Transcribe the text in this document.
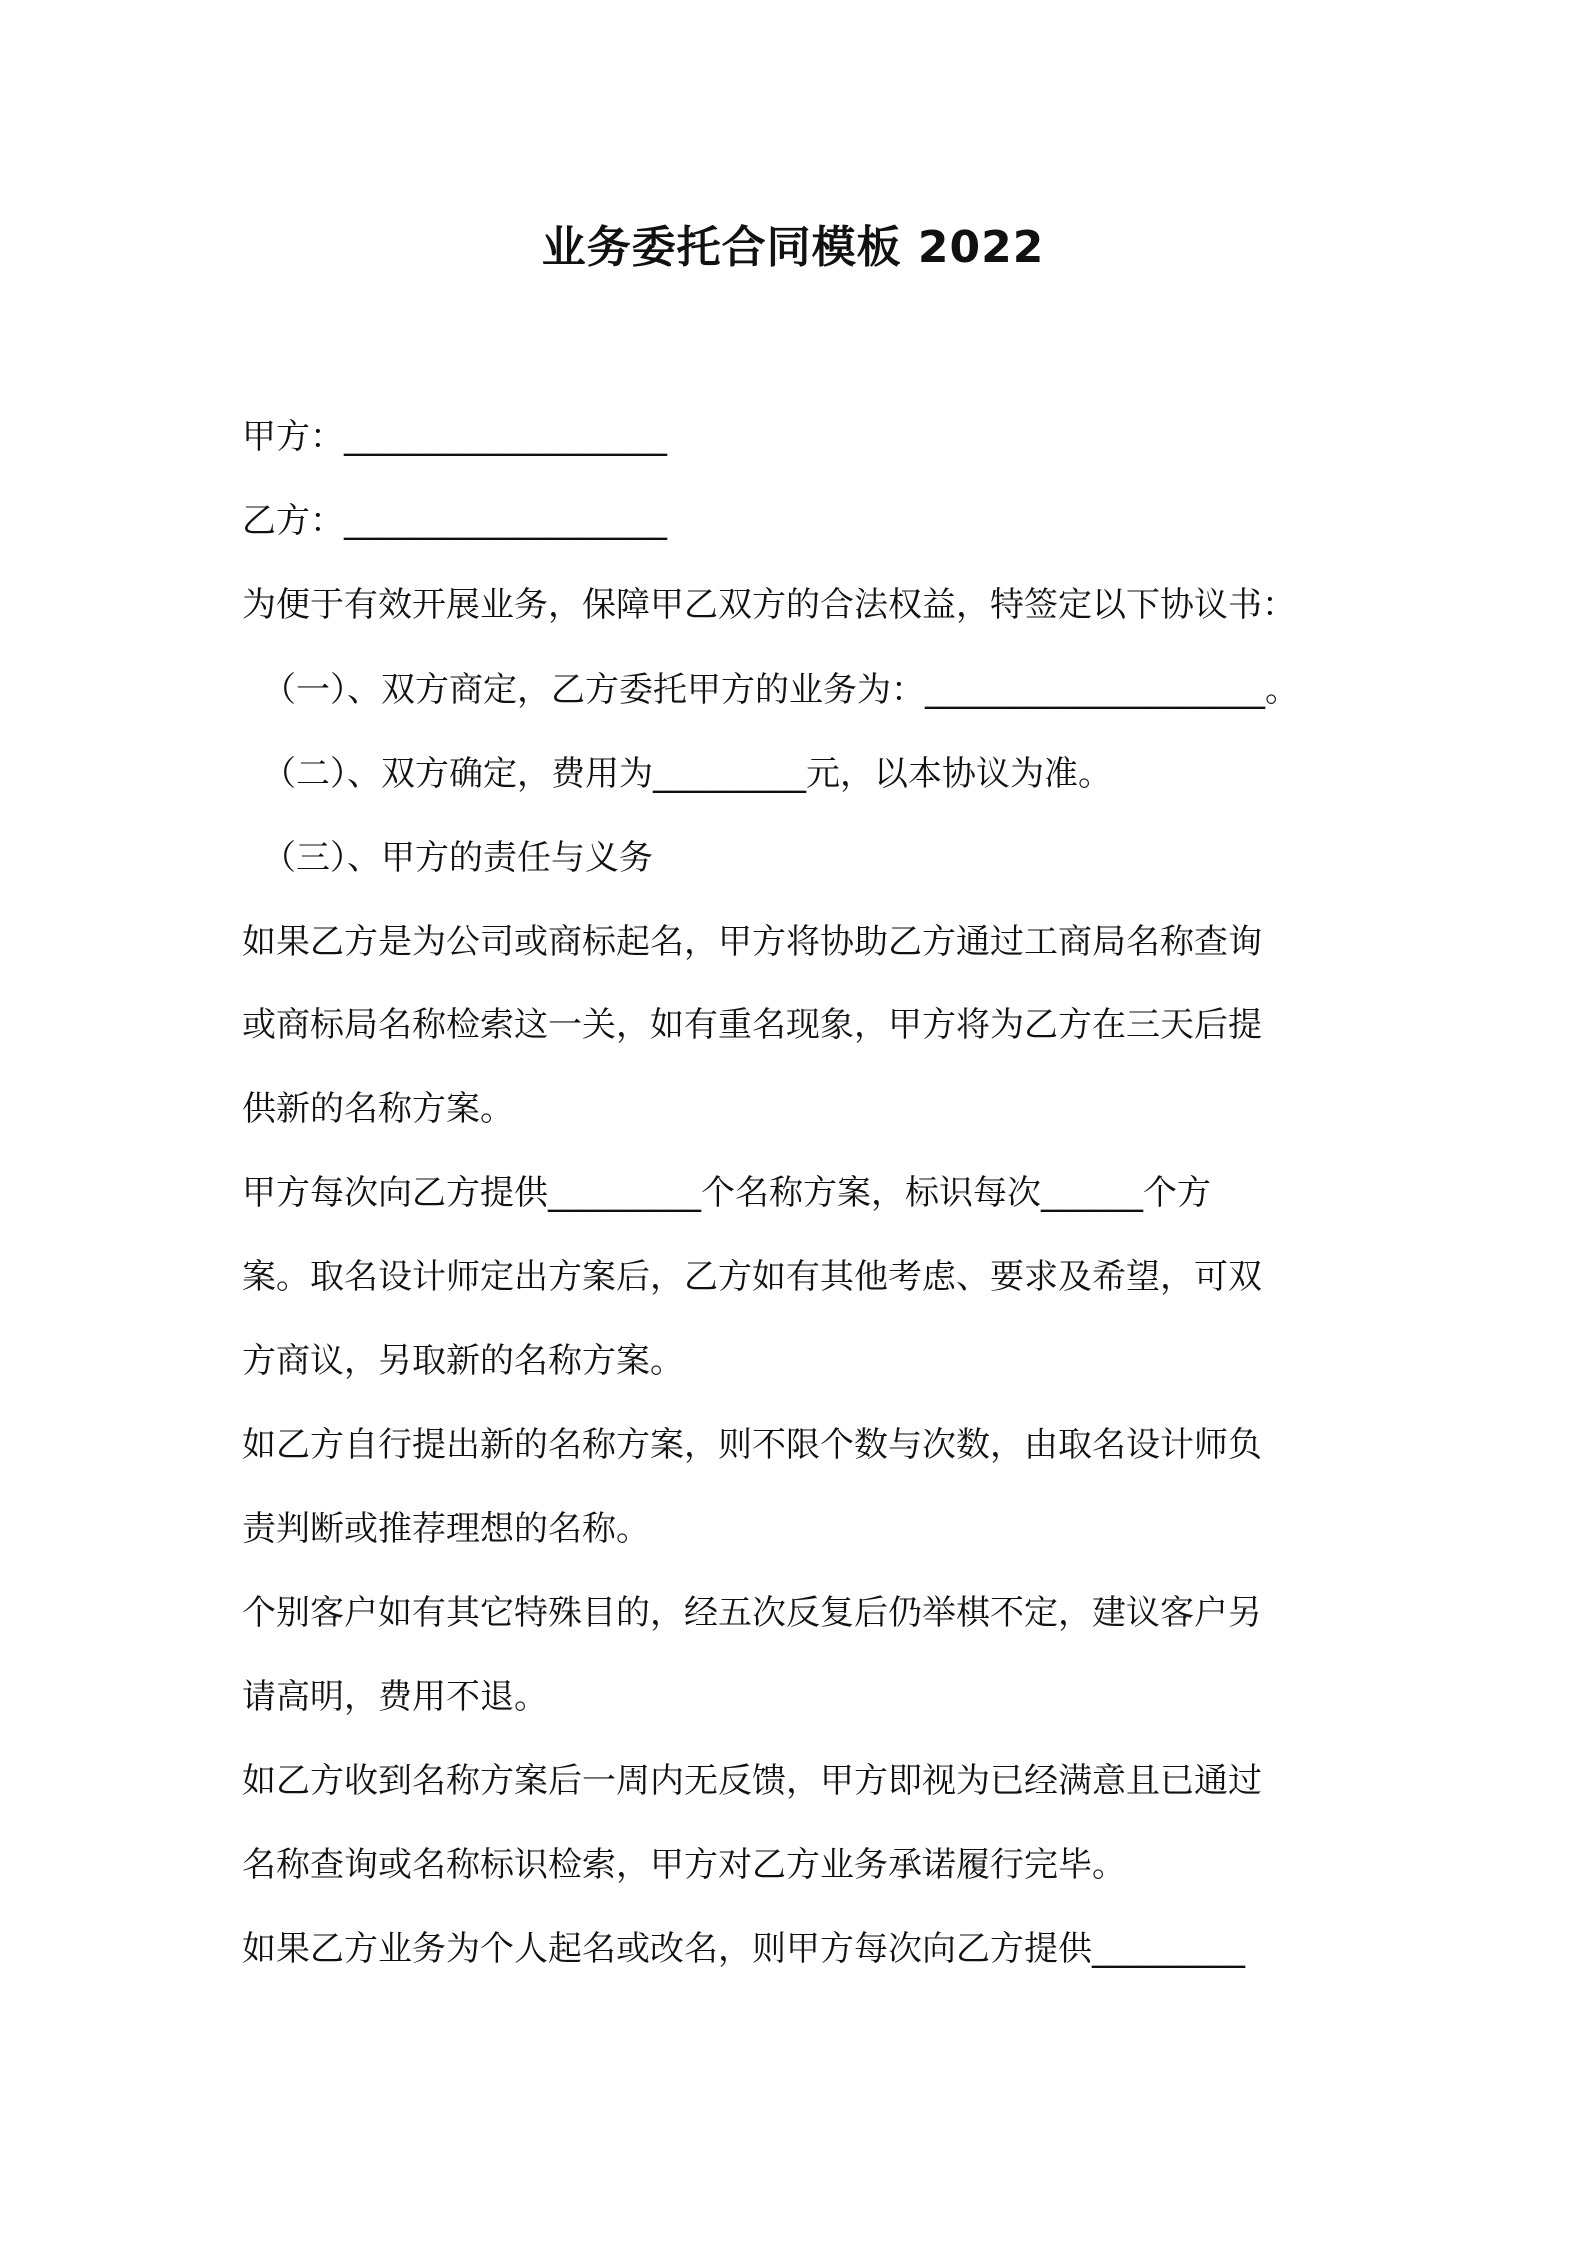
业务委托合同模板 2022
甲方：___________________
乙方：___________________
为便于有效开展业务，保障甲乙双方的合法权益，特签定以下协议书：
（一）、双方商定，乙方委托甲方的业务为：____________________。
（二）、双方确定，费用为_________元，以本协议为准。
（三）、甲方的责任与义务
如果乙方是为公司或商标起名，甲方将协助乙方通过工商局名称查询
或商标局名称检索这一关，如有重名现象，甲方将为乙方在三天后提
供新的名称方案。
甲方每次向乙方提供_________个名称方案，标识每次______个方
案。取名设计师定出方案后，乙方如有其他考虑、要求及希望，可双
方商议，另取新的名称方案。
如乙方自行提出新的名称方案，则不限个数与次数，由取名设计师负
责判断或推荐理想的名称。
个别客户如有其它特殊目的，经五次反复后仍举棋不定，建议客户另
请高明，费用不退。
如乙方收到名称方案后一周内无反馈，甲方即视为已经满意且已通过
名称查询或名称标识检索，甲方对乙方业务承诺履行完毕。
如果乙方业务为个人起名或改名，则甲方每次向乙方提供_________
